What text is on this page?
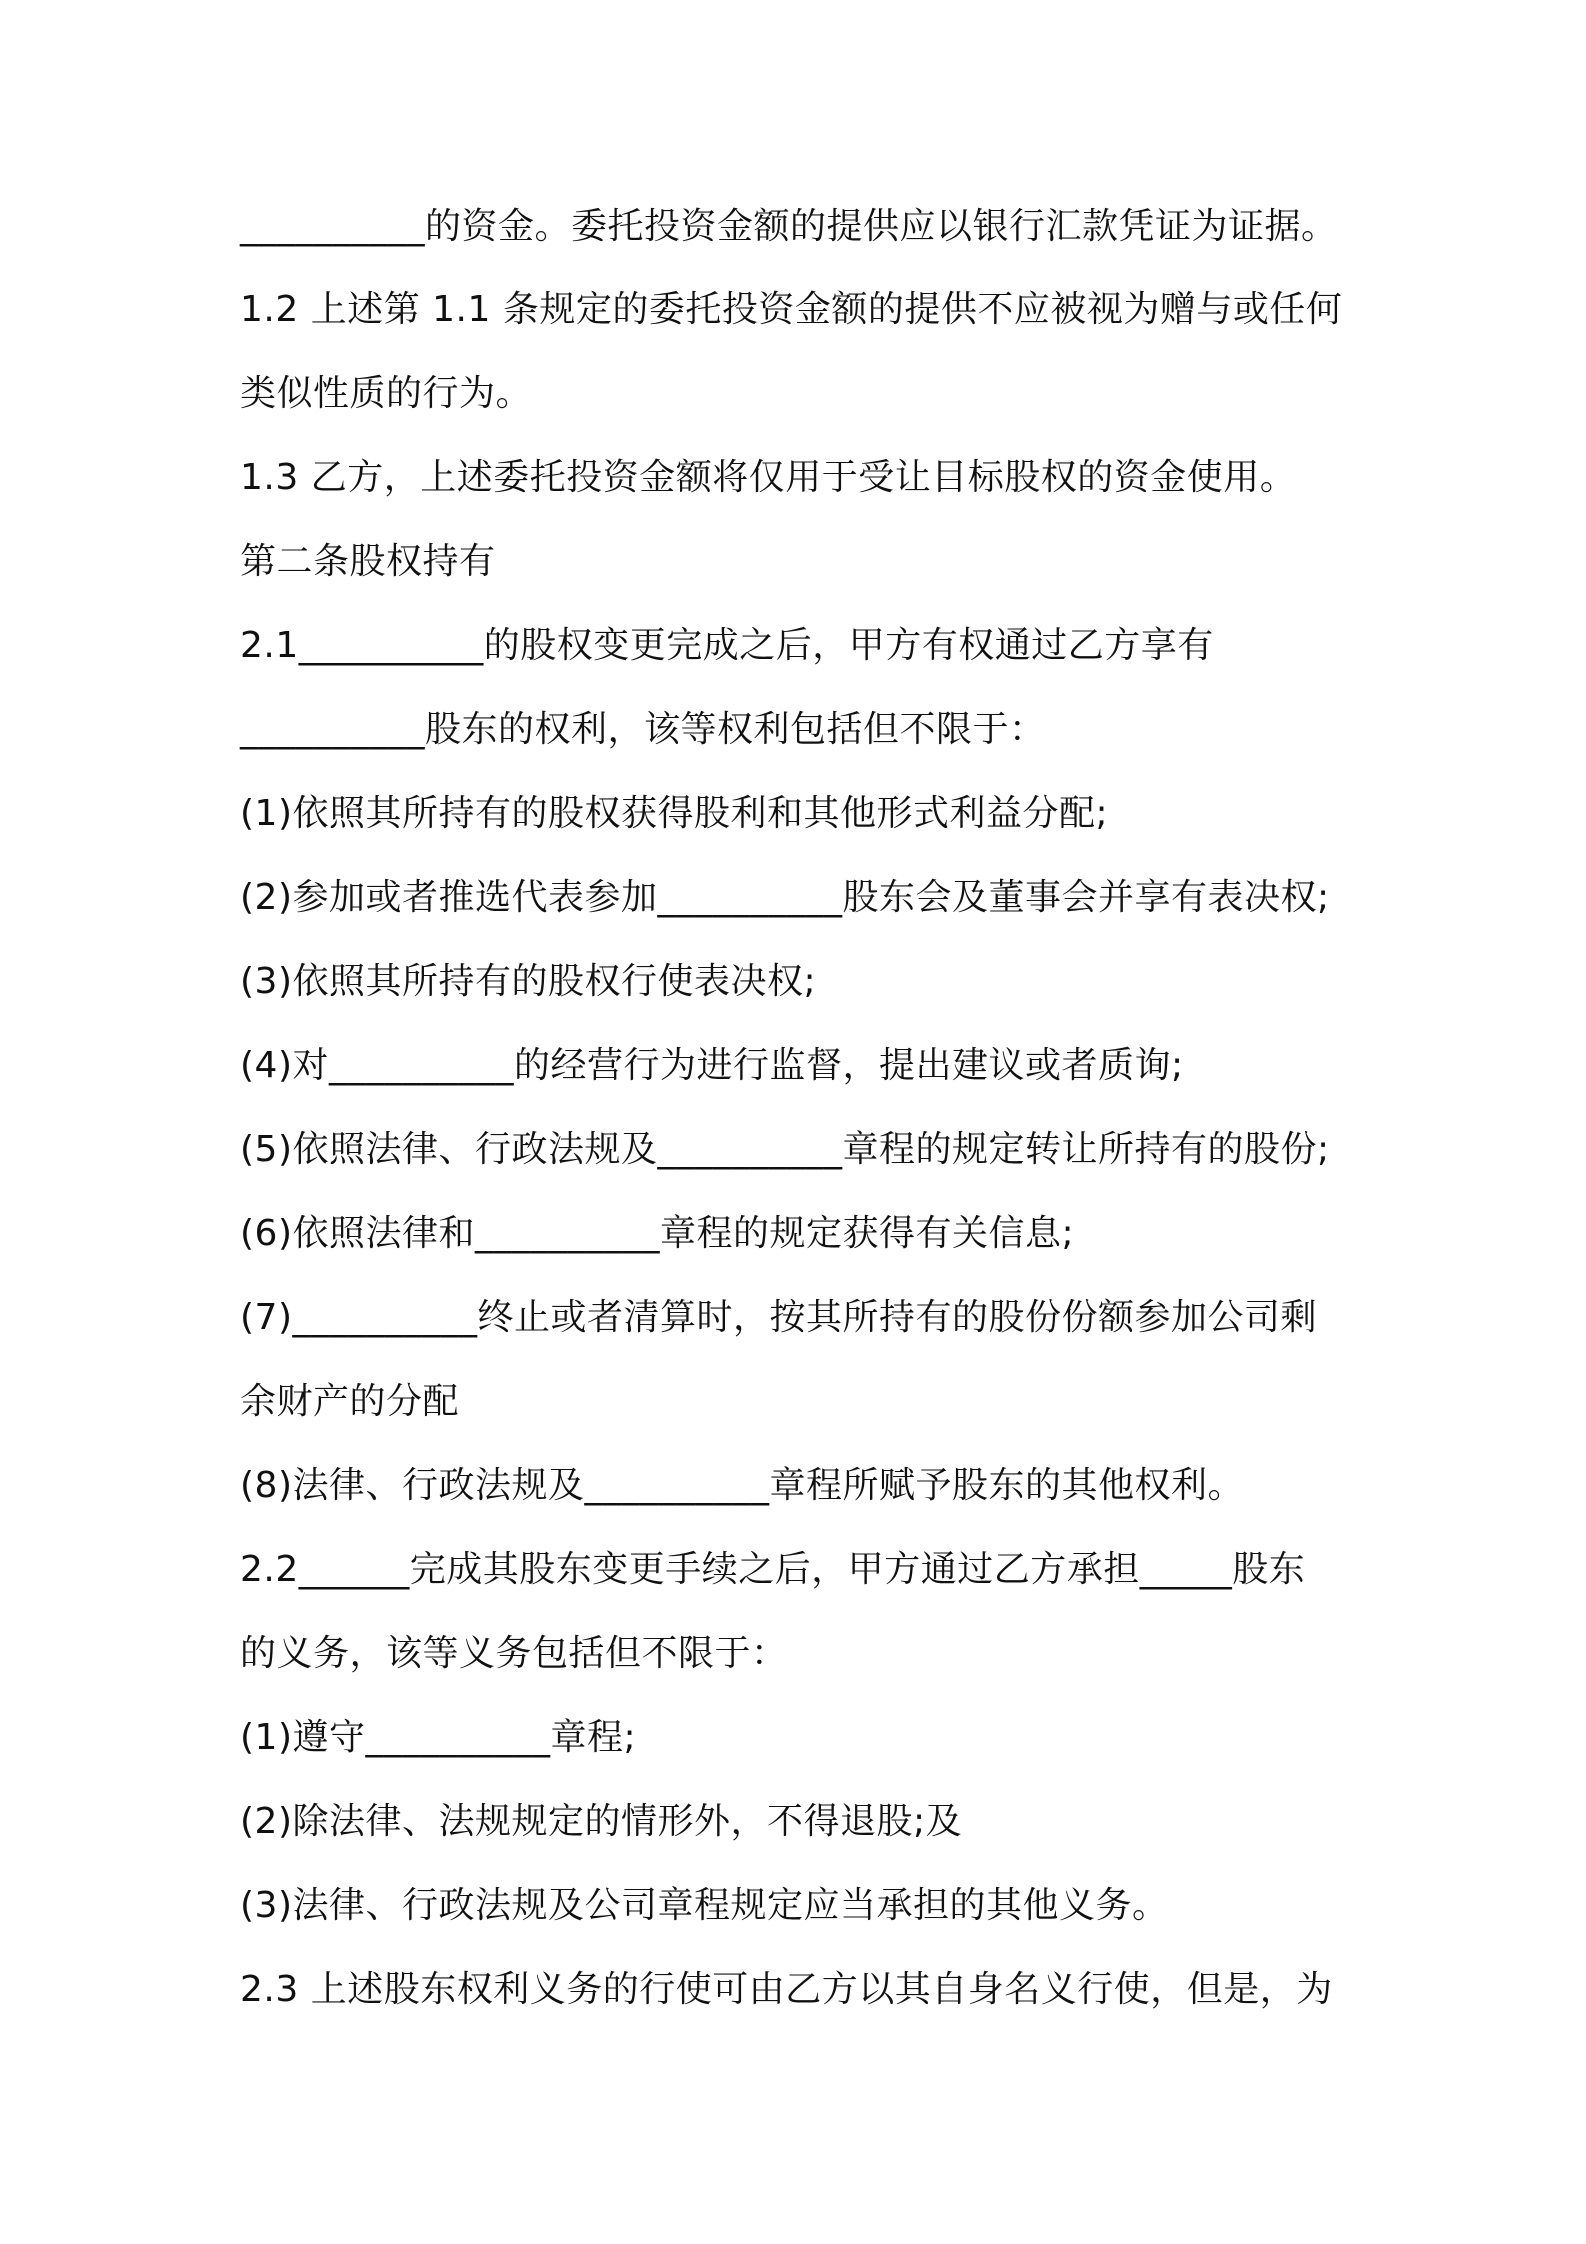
__________的资金。委托投资金额的提供应以银行汇款凭证为证据。
1.2 上述第 1.1 条规定的委托投资金额的提供不应被视为赠与或任何
类似性质的行为。
1.3 乙方，上述委托投资金额将仅用于受让目标股权的资金使用。
第二条股权持有
2.1__________的股权变更完成之后，甲方有权通过乙方享有
__________股东的权利，该等权利包括但不限于：
(1)依照其所持有的股权获得股利和其他形式利益分配;
(2)参加或者推选代表参加__________股东会及董事会并享有表决权;
(3)依照其所持有的股权行使表决权;
(4)对__________的经营行为进行监督，提出建议或者质询;
(5)依照法律、行政法规及__________章程的规定转让所持有的股份;
(6)依照法律和__________章程的规定获得有关信息;
(7)__________终止或者清算时，按其所持有的股份份额参加公司剩
余财产的分配
(8)法律、行政法规及__________章程所赋予股东的其他权利。
2.2______完成其股东变更手续之后，甲方通过乙方承担_____股东
的义务，该等义务包括但不限于：
(1)遵守__________章程;
(2)除法律、法规规定的情形外，不得退股;及
(3)法律、行政法规及公司章程规定应当承担的其他义务。
2.3 上述股东权利义务的行使可由乙方以其自身名义行使，但是，为
